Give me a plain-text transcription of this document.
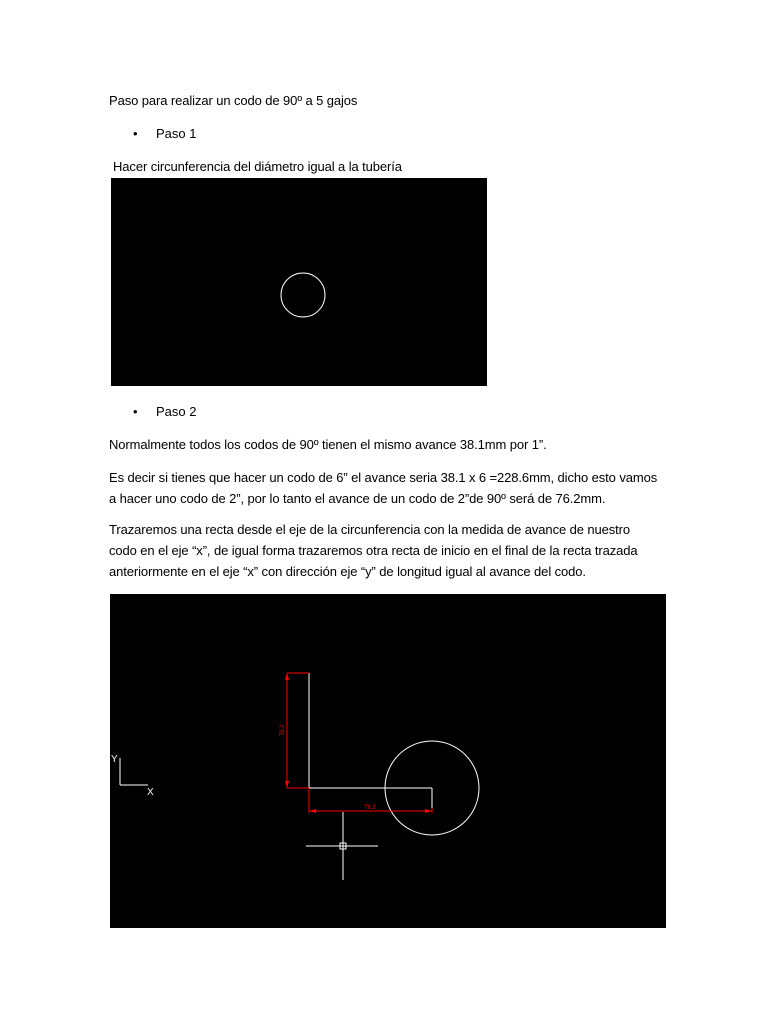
Paso para realizar un codo de 90º a 5 gajos
• Paso 1
Hacer circunferencia del diámetro igual a la tubería
• Paso 2
Normalmente todos los codos de 90º tienen el mismo avance 38.1mm por 1”.
Es decir si tienes que hacer un codo de 6” el avance seria 38.1 x 6 =228.6mm, dicho esto vamos
a hacer uno codo de 2”, por lo tanto el avance de un codo de 2”de 90º será de 76.2mm.
Trazaremos una recta desde el eje de la circunferencia con la medida de avance de nuestro
codo en el eje “x”, de igual forma trazaremos otra recta de inicio en el final de la recta trazada
anteriormente en el eje “x” con dirección eje “y” de longitud igual al avance del codo.
Y
X
76.2
76.2
